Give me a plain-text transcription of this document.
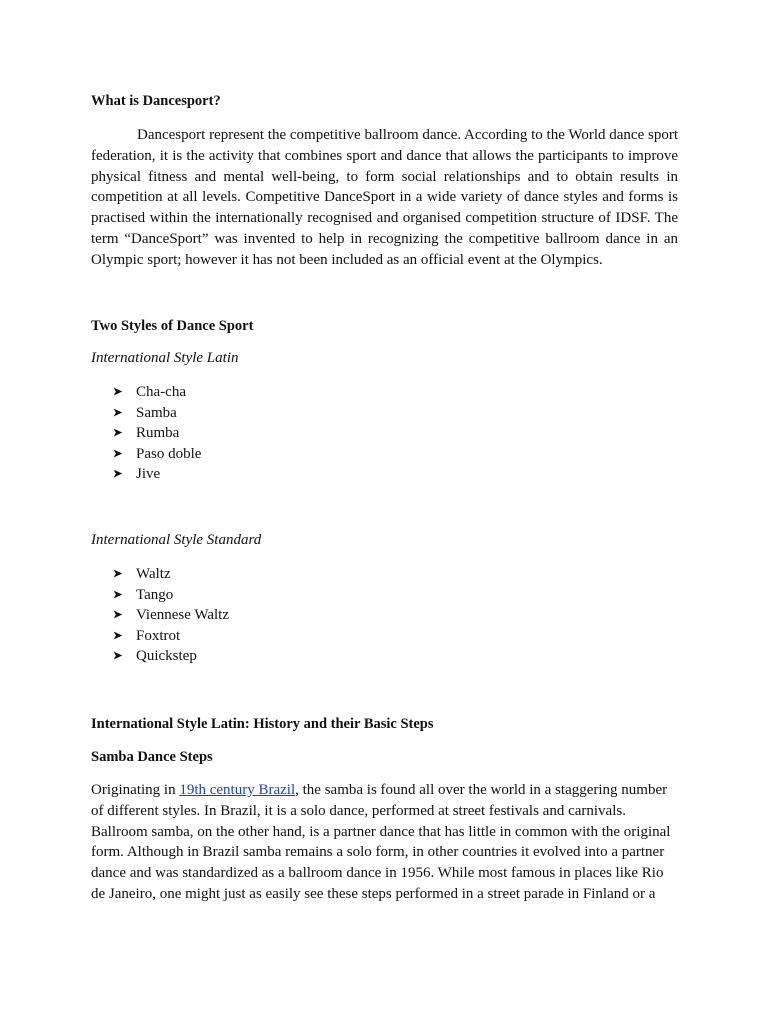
What is Dancesport?

Dancesport represent the competitive ballroom dance. According to the World dance sport federation, it is the activity that combines sport and dance that allows the participants to improve physical fitness and mental well-being, to form social relationships and to obtain results in competition at all levels. Competitive DanceSport in a wide variety of dance styles and forms is practised within the internationally recognised and organised competition structure of IDSF. The term “DanceSport” was invented to help in recognizing the competitive ballroom dance in an Olympic sport; however it has not been included as an official event at the Olympics.

Two Styles of Dance Sport

International Style Latin

➤ Cha-cha
➤ Samba
➤ Rumba
➤ Paso doble
➤ Jive

International Style Standard

➤ Waltz
➤ Tango
➤ Viennese Waltz
➤ Foxtrot
➤ Quickstep
International Style Latin: History and their Basic Steps
Samba Dance Steps
Originating in 19th century Brazil, the samba is found all over the world in a staggering number
of different styles. In Brazil, it is a solo dance, performed at street festivals and carnivals.
Ballroom samba, on the other hand, is a partner dance that has little in common with the original
form. Although in Brazil samba remains a solo form, in other countries it evolved into a partner
dance and was standardized as a ballroom dance in 1956. While most famous in places like Rio
de Janeiro, one might just as easily see these steps performed in a street parade in Finland or a
